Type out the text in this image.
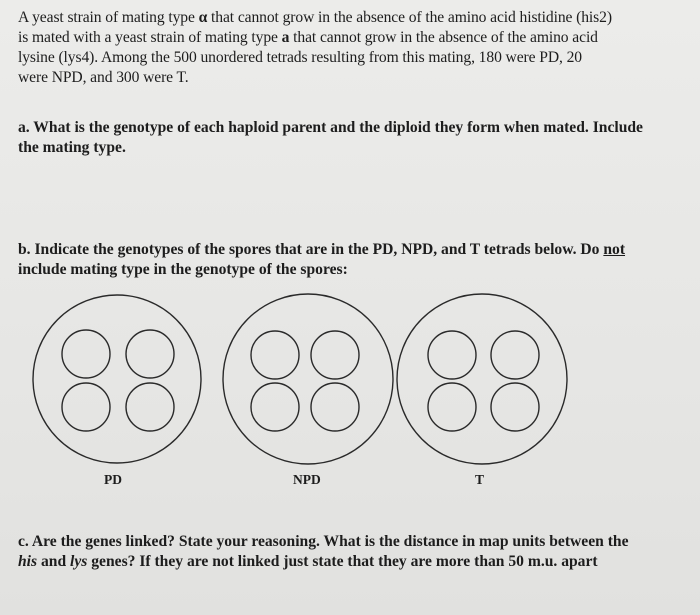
A yeast strain of mating type α that cannot grow in the absence of the amino acid histidine (his2)
is mated with a yeast strain of mating type a that cannot grow in the absence of the amino acid
lysine (lys4). Among the 500 unordered tetrads resulting from this mating, 180 were PD, 20
were NPD, and 300 were T.
a. What is the genotype of each haploid parent and the diploid they form when mated. Include
the mating type.
b. Indicate the genotypes of the spores that are in the PD, NPD, and T tetrads below. Do not
include mating type in the genotype of the spores:
PD	NPD	T
c. Are the genes linked? State your reasoning. What is the distance in map units between the
his and lys genes? If they are not linked just state that they are more than 50 m.u. apart
